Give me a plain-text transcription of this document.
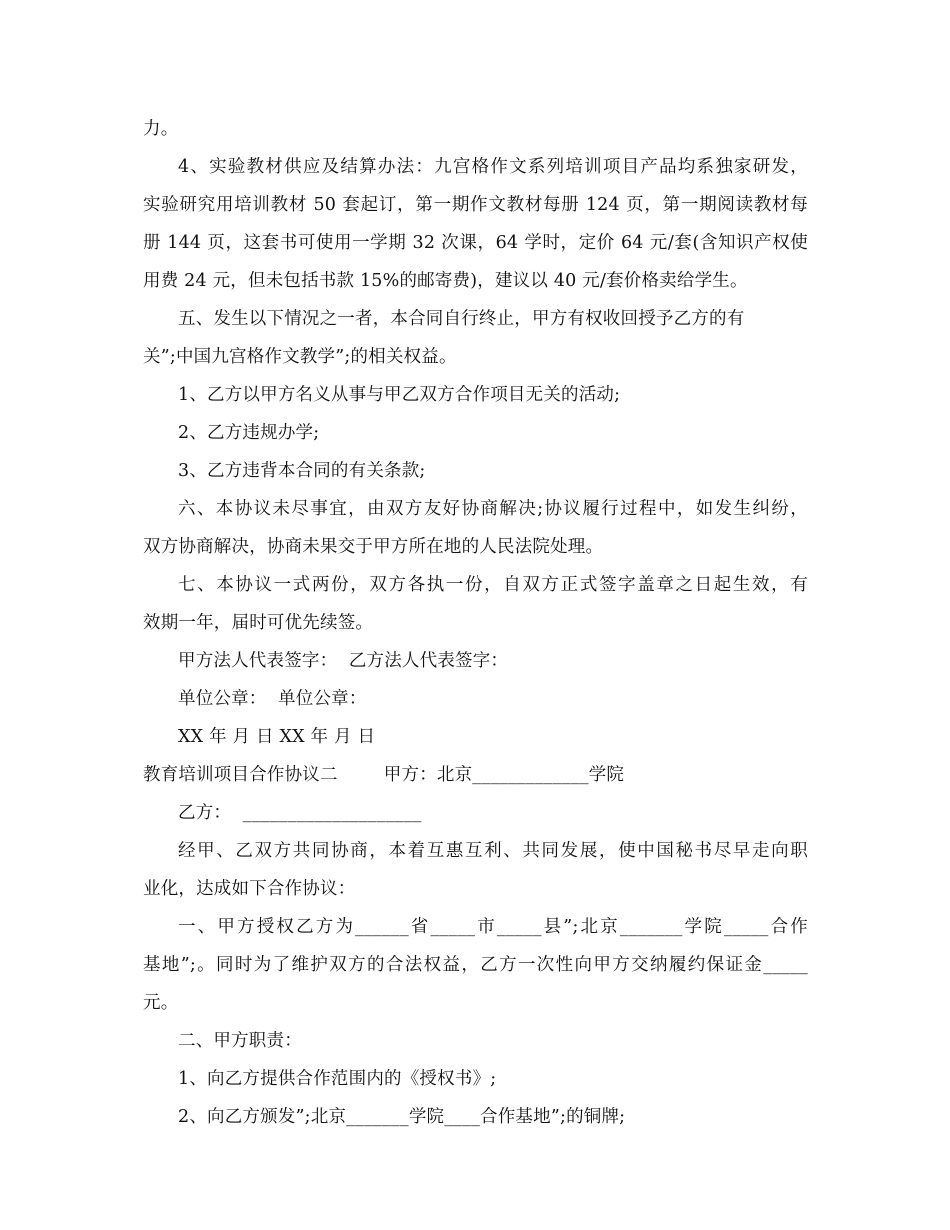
力。
4、实验教材供应及结算办法：九宫格作文系列培训项目产品均系独家研发，
实验研究用培训教材 50 套起订，第一期作文教材每册 124 页，第一期阅读教材每
册 144 页，这套书可使用一学期 32 次课，64 学时，定价 64 元/套(含知识产权使
用费 24 元，但未包括书款 15%的邮寄费)，建议以 40 元/套价格卖给学生。
五、发生以下情况之一者，本合同自行终止，甲方有权收回授予乙方的有
关”;中国九宫格作文教学”;的相关权益。
1、乙方以甲方名义从事与甲乙双方合作项目无关的活动;
2、乙方违规办学;
3、乙方违背本合同的有关条款;
六、本协议未尽事宜，由双方友好协商解决;协议履行过程中，如发生纠纷，
双方协商解决，协商未果交于甲方所在地的人民法院处理。
七、本协议一式两份，双方各执一份，自双方正式签字盖章之日起生效，有
效期一年，届时可优先续签。
甲方法人代表签字：  乙方法人代表签字：
单位公章：  单位公章：
XX 年 月 日 XX 年 月 日
教育培训项目合作协议二        甲方：北京_____________学院
乙方：  ____________________
经甲、乙双方共同协商，本着互惠互利、共同发展，使中国秘书尽早走向职
业化，达成如下合作协议：
一、甲方授权乙方为______省_____市_____县”;北京_______学院_____合作
基地”;。同时为了维护双方的合法权益，乙方一次性向甲方交纳履约保证金_____
元。
二、甲方职责：
1、向乙方提供合作范围内的《授权书》;
2、向乙方颁发”;北京_______学院____合作基地”;的铜牌;
